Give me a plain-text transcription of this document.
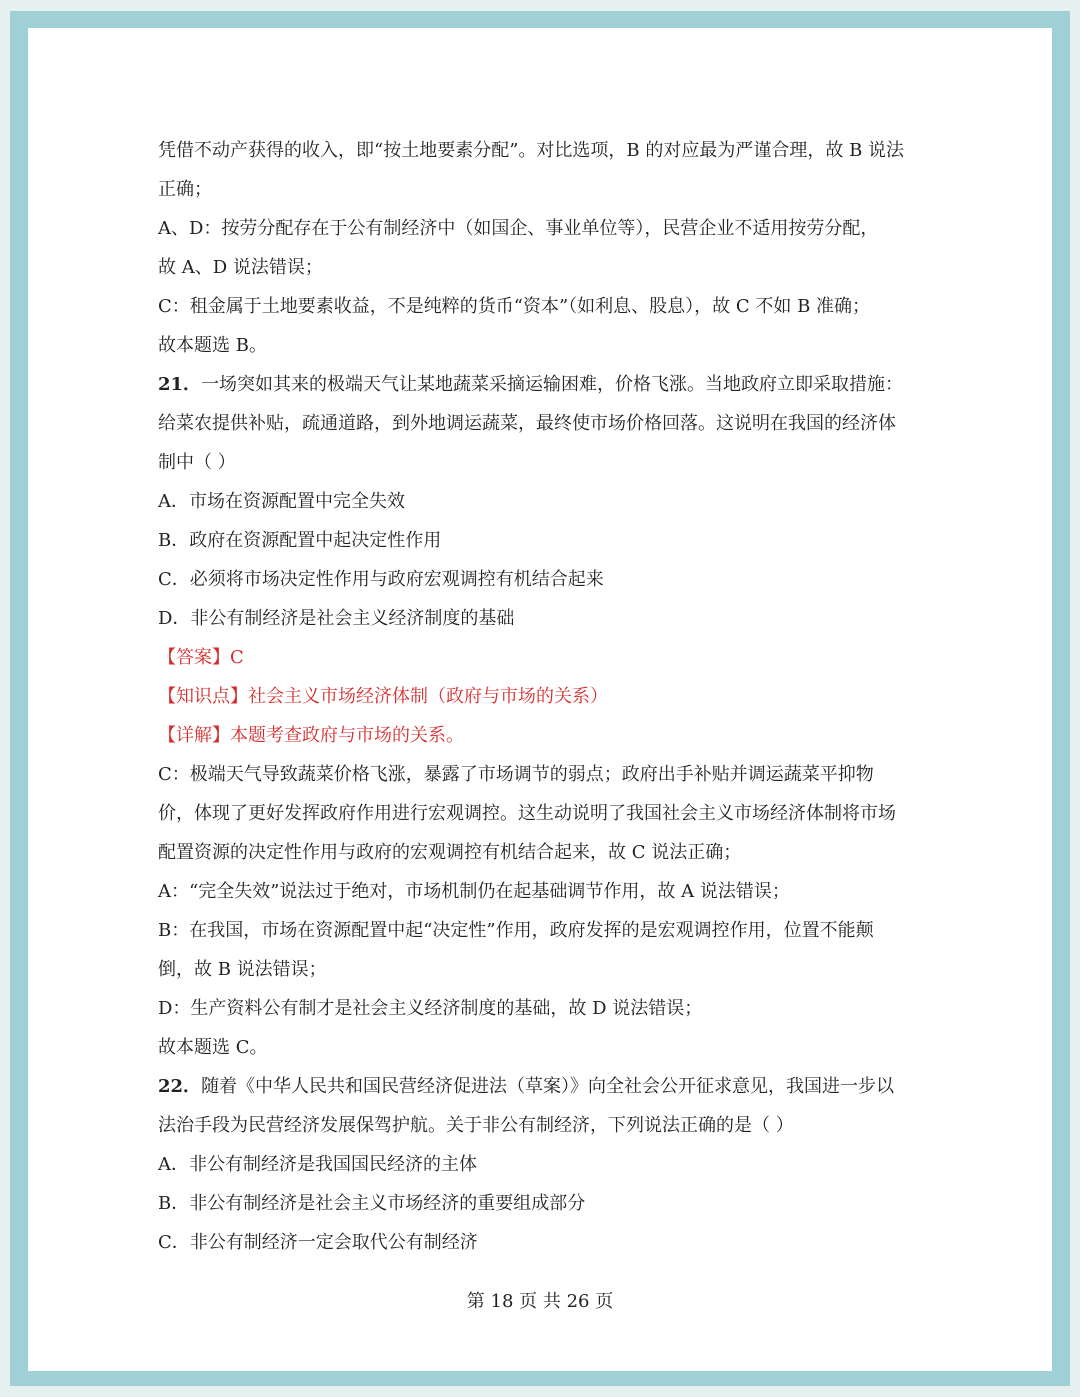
凭借不动产获得的收入，即“按土地要素分配”。对比选项，B 的对应最为严谨合理，故 B 说法
正确；
A、D：按劳分配存在于公有制经济中（如国企、事业单位等），民营企业不适用按劳分配，
故 A、D 说法错误；
C：租金属于土地要素收益，不是纯粹的货币“资本”（如利息、股息），故 C 不如 B 准确；
故本题选 B。
21．一场突如其来的极端天气让某地蔬菜采摘运输困难，价格飞涨。当地政府立即采取措施：
给菜农提供补贴，疏通道路，到外地调运蔬菜，最终使市场价格回落。这说明在我国的经济体
制中（ ）
A．市场在资源配置中完全失效
B．政府在资源配置中起决定性作用
C．必须将市场决定性作用与政府宏观调控有机结合起来
D．非公有制经济是社会主义经济制度的基础
【答案】C
【知识点】社会主义市场经济体制（政府与市场的关系）
【详解】本题考查政府与市场的关系。
C：极端天气导致蔬菜价格飞涨，暴露了市场调节的弱点；政府出手补贴并调运蔬菜平抑物
价，体现了更好发挥政府作用进行宏观调控。这生动说明了我国社会主义市场经济体制将市场
配置资源的决定性作用与政府的宏观调控有机结合起来，故 C 说法正确；
A：“完全失效”说法过于绝对，市场机制仍在起基础调节作用，故 A 说法错误；
B：在我国，市场在资源配置中起“决定性”作用，政府发挥的是宏观调控作用，位置不能颠
倒，故 B 说法错误；
D：生产资料公有制才是社会主义经济制度的基础，故 D 说法错误；
故本题选 C。
22．随着《中华人民共和国民营经济促进法（草案）》向全社会公开征求意见，我国进一步以
法治手段为民营经济发展保驾护航。关于非公有制经济，下列说法正确的是（ ）
A．非公有制经济是我国国民经济的主体
B．非公有制经济是社会主义市场经济的重要组成部分
C．非公有制经济一定会取代公有制经济
第 18 页 共 26 页
